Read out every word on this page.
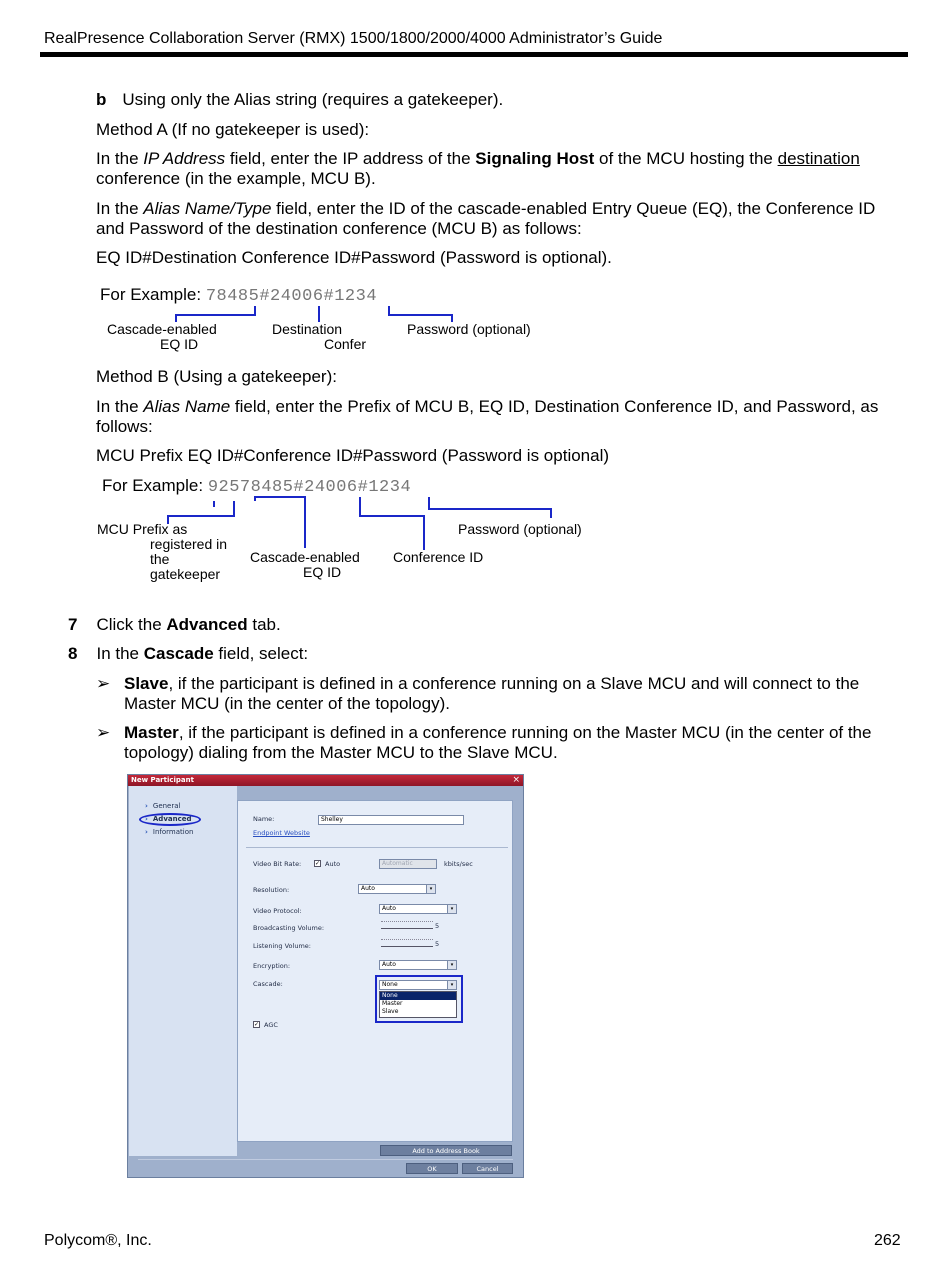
RealPresence Collaboration Server (RMX) 1500/1800/2000/4000 Administrator’s Guide
b Using only the Alias string (requires a gatekeeper).
Method A (If no gatekeeper is used):
In the IP Address field, enter the IP address of the Signaling Host of the MCU hosting the destination conference (in the example, MCU B).
In the Alias Name/Type field, enter the ID of the cascade-enabled Entry Queue (EQ), the Conference ID and Password of the destination conference (MCU B) as follows:
EQ ID#Destination Conference ID#Password (Password is optional).
For Example: 78485#24006#1234
Cascade-enabled
EQ ID
Destination
Confer
Password (optional)
Method B (Using a gatekeeper):
In the Alias Name field, enter the Prefix of MCU B, EQ ID, Destination Conference ID, and Password, as follows:
MCU Prefix EQ ID#Conference ID#Password (Password is optional)
For Example: 92578485#24006#1234
MCU Prefix as
registered in
the
gatekeeper
Cascade-enabled
EQ ID
Conference ID
Password (optional)
7 Click the Advanced tab.
8 In the Cascade field, select:
➢ Slave, if the participant is defined in a conference running on a Slave MCU and will connect to the Master MCU (in the center of the topology).
➢ Master, if the participant is defined in a conference running on the Master MCU (in the center of the topology) dialing from the Master MCU to the Slave MCU.
New Participant	×
› General
› Advanced
› Information
Name:	Shelley
Endpoint Website
Video Bit Rate: ✓ Auto	Automatic	kbits/sec
Resolution:	Auto	▾
Video Protocol:	Auto	▾
Broadcasting Volume:	5
Listening Volume:	5
Encryption:	Auto	▾
Cascade:	None	▾
None
Master
Slave
✓ AGC
Add to Address Book
OK	Cancel
Polycom®, Inc.	262
